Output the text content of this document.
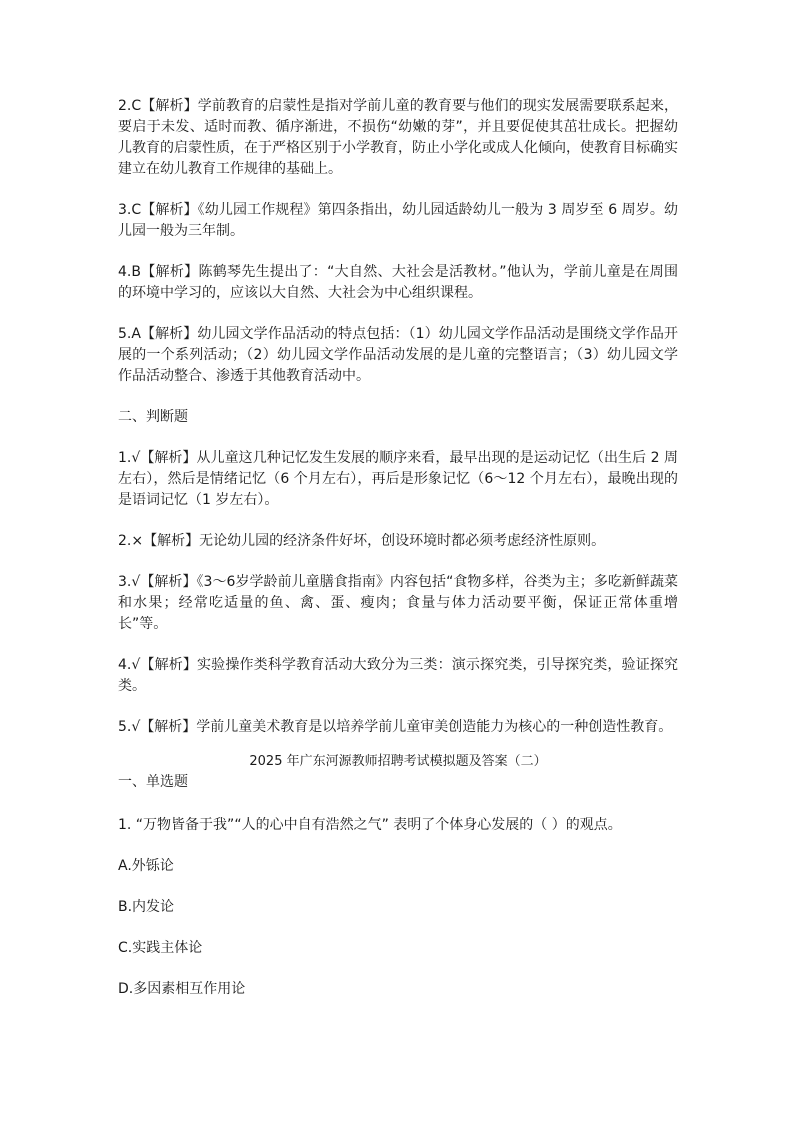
2.C【解析】学前教育的启蒙性是指对学前儿童的教育要与他们的现实发展需要联系起来，要启于未发、适时而教、循序渐进，不损伤“幼嫩的芽”，并且要促使其茁壮成长。把握幼儿教育的启蒙性质，在于严格区别于小学教育，防止小学化或成人化倾向，使教育目标确实建立在幼儿教育工作规律的基础上。

3.C【解析】《幼儿园工作规程》第四条指出，幼儿园适龄幼儿一般为 3 周岁至 6 周岁。幼儿园一般为三年制。

4.B【解析】陈鹤琴先生提出了：“大自然、大社会是活教材。”他认为，学前儿童是在周围的环境中学习的，应该以大自然、大社会为中心组织课程。

5.A【解析】幼儿园文学作品活动的特点包括：（1）幼儿园文学作品活动是围绕文学作品开展的一个系列活动；（2）幼儿园文学作品活动发展的是儿童的完整语言；（3）幼儿园文学作品活动整合、渗透于其他教育活动中。

二、判断题

1.√【解析】从儿童这几种记忆发生发展的顺序来看，最早出现的是运动记忆（出生后 2 周左右），然后是情绪记忆（6 个月左右），再后是形象记忆（6～12 个月左右），最晚出现的是语词记忆（1 岁左右）。

2.×【解析】无论幼儿园的经济条件好坏，创设环境时都必须考虑经济性原则。

3.√【解析】《3～6岁学龄前儿童膳食指南》内容包括“食物多样，谷类为主；多吃新鲜蔬菜和水果；经常吃适量的鱼、禽、蛋、瘦肉；食量与体力活动要平衡，保证正常体重增长”等。

4.√【解析】实验操作类科学教育活动大致分为三类：演示探究类，引导探究类，验证探究类。

5.√【解析】学前儿童美术教育是以培养学前儿童审美创造能力为核心的一种创造性教育。

2025 年广东河源教师招聘考试模拟题及答案（二）

一、单选题

1. “万物皆备于我”“人的心中自有浩然之气” 表明了个体身心发展的（ ）的观点。

A.外铄论

B.内发论

C.实践主体论

D.多因素相互作用论
